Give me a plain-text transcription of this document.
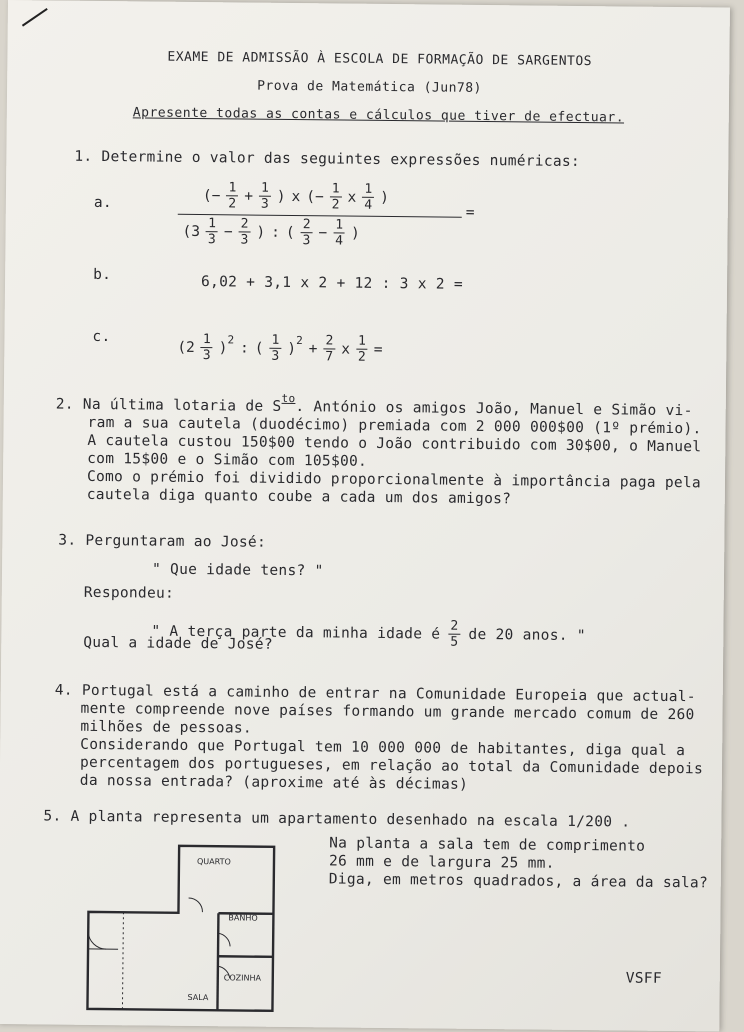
EXAME DE ADMISSÃO À ESCOLA DE FORMAÇÃO DE SARGENTOS
Prova de Matemática (Jun78)
Apresente todas as contas e cálculos que tiver de efectuar.
1. Determine o valor das seguintes expressões numéricas:
a.	(− $\frac{1}{2} + \frac{1}{3}$ ) x (− $\frac{1}{2}$ x $\frac{1}{4}$ )
=
($3 \frac{1}{3} - \frac{2}{3}$ ) : ( $\frac{2}{3} - \frac{1}{4}$ )
b.	6,02 + 3,1 x 2 + 12 : 3 x 2 =
c.
$(2 \frac{1}{3} )^2$
: ( $\frac{1}{3} )^2$
+ $\frac{2}{7}$ x $\frac{1}{2}$ =
2. Na última lotaria de $S^{to}$. António os amigos João, Manuel e Simão vi-
ram a sua cautela (duodécimo) premiada com 2 000 000$00 (1º prémio).
A cautela custou 150$00 tendo o João contribuido com 30$00, o Manuel
com 15$00 e o Simão com 105$00.
Como o prémio foi dividido proporcionalmente à importância paga pela
cautela diga quanto coube a cada um dos amigos?
3. Perguntaram ao José:
" Que idade tens? "
Respondeu:
" A terça parte da minha idade é $\frac{2}{5}$ de 20 anos. "
Qual a idade de José?
4. Portugal está a caminho de entrar na Comunidade Europeia que actual-
mente compreende nove países formando um grande mercado comum de 260
milhões de pessoas.
Considerando que Portugal tem 10 000 000 de habitantes, diga qual a
percentagem dos portugueses, em relação ao total da Comunidade depois
da nossa entrada? (aproxime até às décimas)
5. A planta representa um apartamento desenhado na escala 1/200 .
Na planta a sala tem de comprimento
26 mm e de largura 25 mm.
Diga, em metros quadrados, a área da sala?
QUARTO
BANHO
COZINHA
SALA
VSFF
